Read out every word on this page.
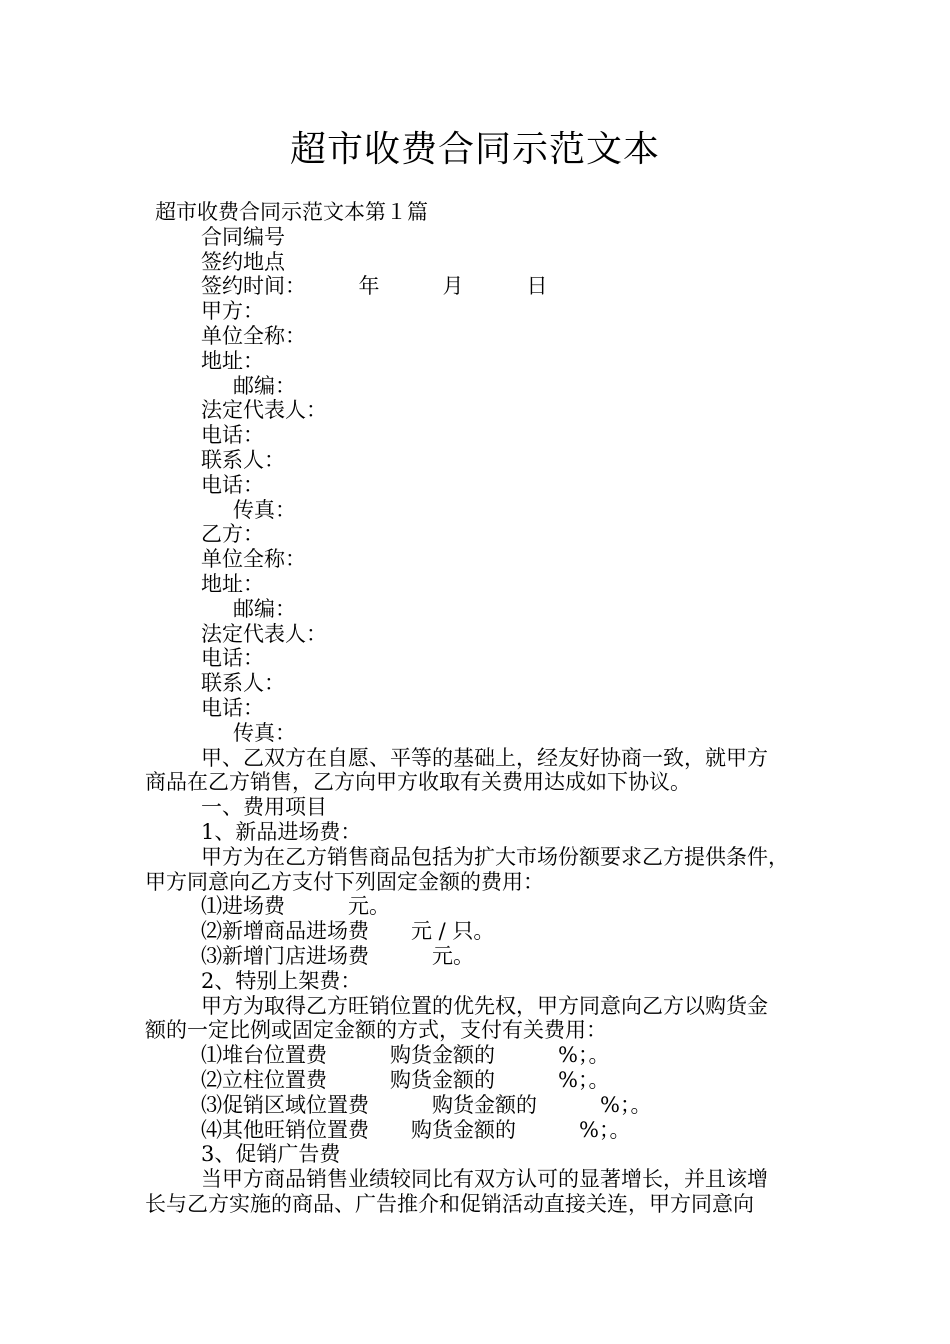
超市收费合同示范文本
超市收费合同示范文本第１篇
合同编号
签约地点
签约时间：　　　年　　　月　　　日
甲方：
单位全称：
地址：
邮编：
法定代表人：
电话：
联系人：
电话：
传真：
乙方：
单位全称：
地址：
邮编：
法定代表人：
电话：
联系人：
电话：
传真：
甲、乙双方在自愿、平等的基础上，经友好协商一致，就甲方
商品在乙方销售，乙方向甲方收取有关费用达成如下协议。
一、费用项目
1、新品进场费：
甲方为在乙方销售商品包括为扩大市场份额要求乙方提供条件，
甲方同意向乙方支付下列固定金额的费用：
⑴进场费　　　元。
⑵新增商品进场费　　元 / 只。
⑶新增门店进场费　　　元。
2、特别上架费：
甲方为取得乙方旺销位置的优先权，甲方同意向乙方以购货金
额的一定比例或固定金额的方式，支付有关费用：
⑴堆台位置费　　　购货金额的　　　%；。
⑵立柱位置费　　　购货金额的　　　%；。
⑶促销区域位置费　　　购货金额的　　　%；。
⑷其他旺销位置费　　购货金额的　　　%；。
3、促销广告费
当甲方商品销售业绩较同比有双方认可的显著增长，并且该增
长与乙方实施的商品、广告推介和促销活动直接关连，甲方同意向
